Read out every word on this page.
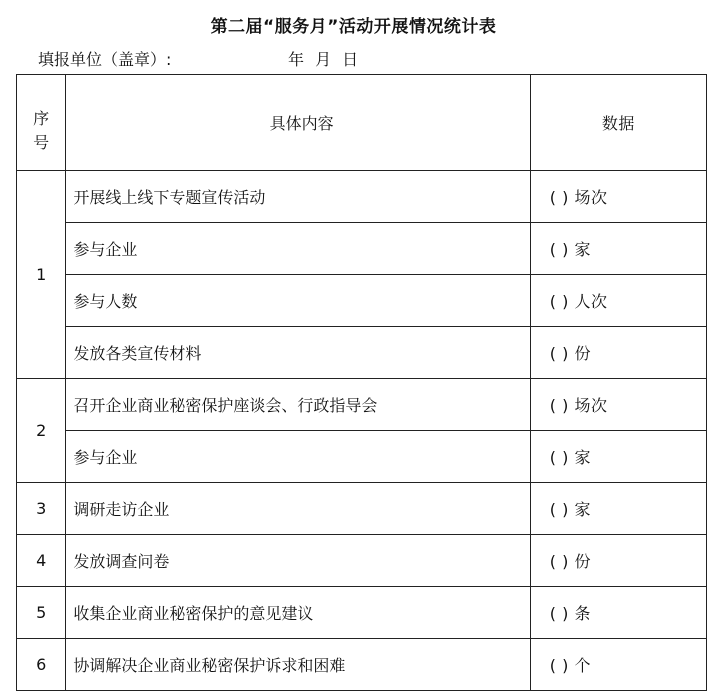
第二届“服务月”活动开展情况统计表
填报单位（盖章）:	年 月 日
序
号	具体内容	数据
1	开展线上线下专题宣传活动	( ) 场次
	参与企业	( ) 家
	参与人数	( ) 人次
	发放各类宣传材料	( ) 份
2	召开企业商业秘密保护座谈会、行政指导会	( ) 场次
	参与企业	( ) 家
3	调研走访企业	( ) 家
4	发放调查问卷	( ) 份
5	收集企业商业秘密保护的意见建议	( ) 条
6	协调解决企业商业秘密保护诉求和困难	( ) 个
